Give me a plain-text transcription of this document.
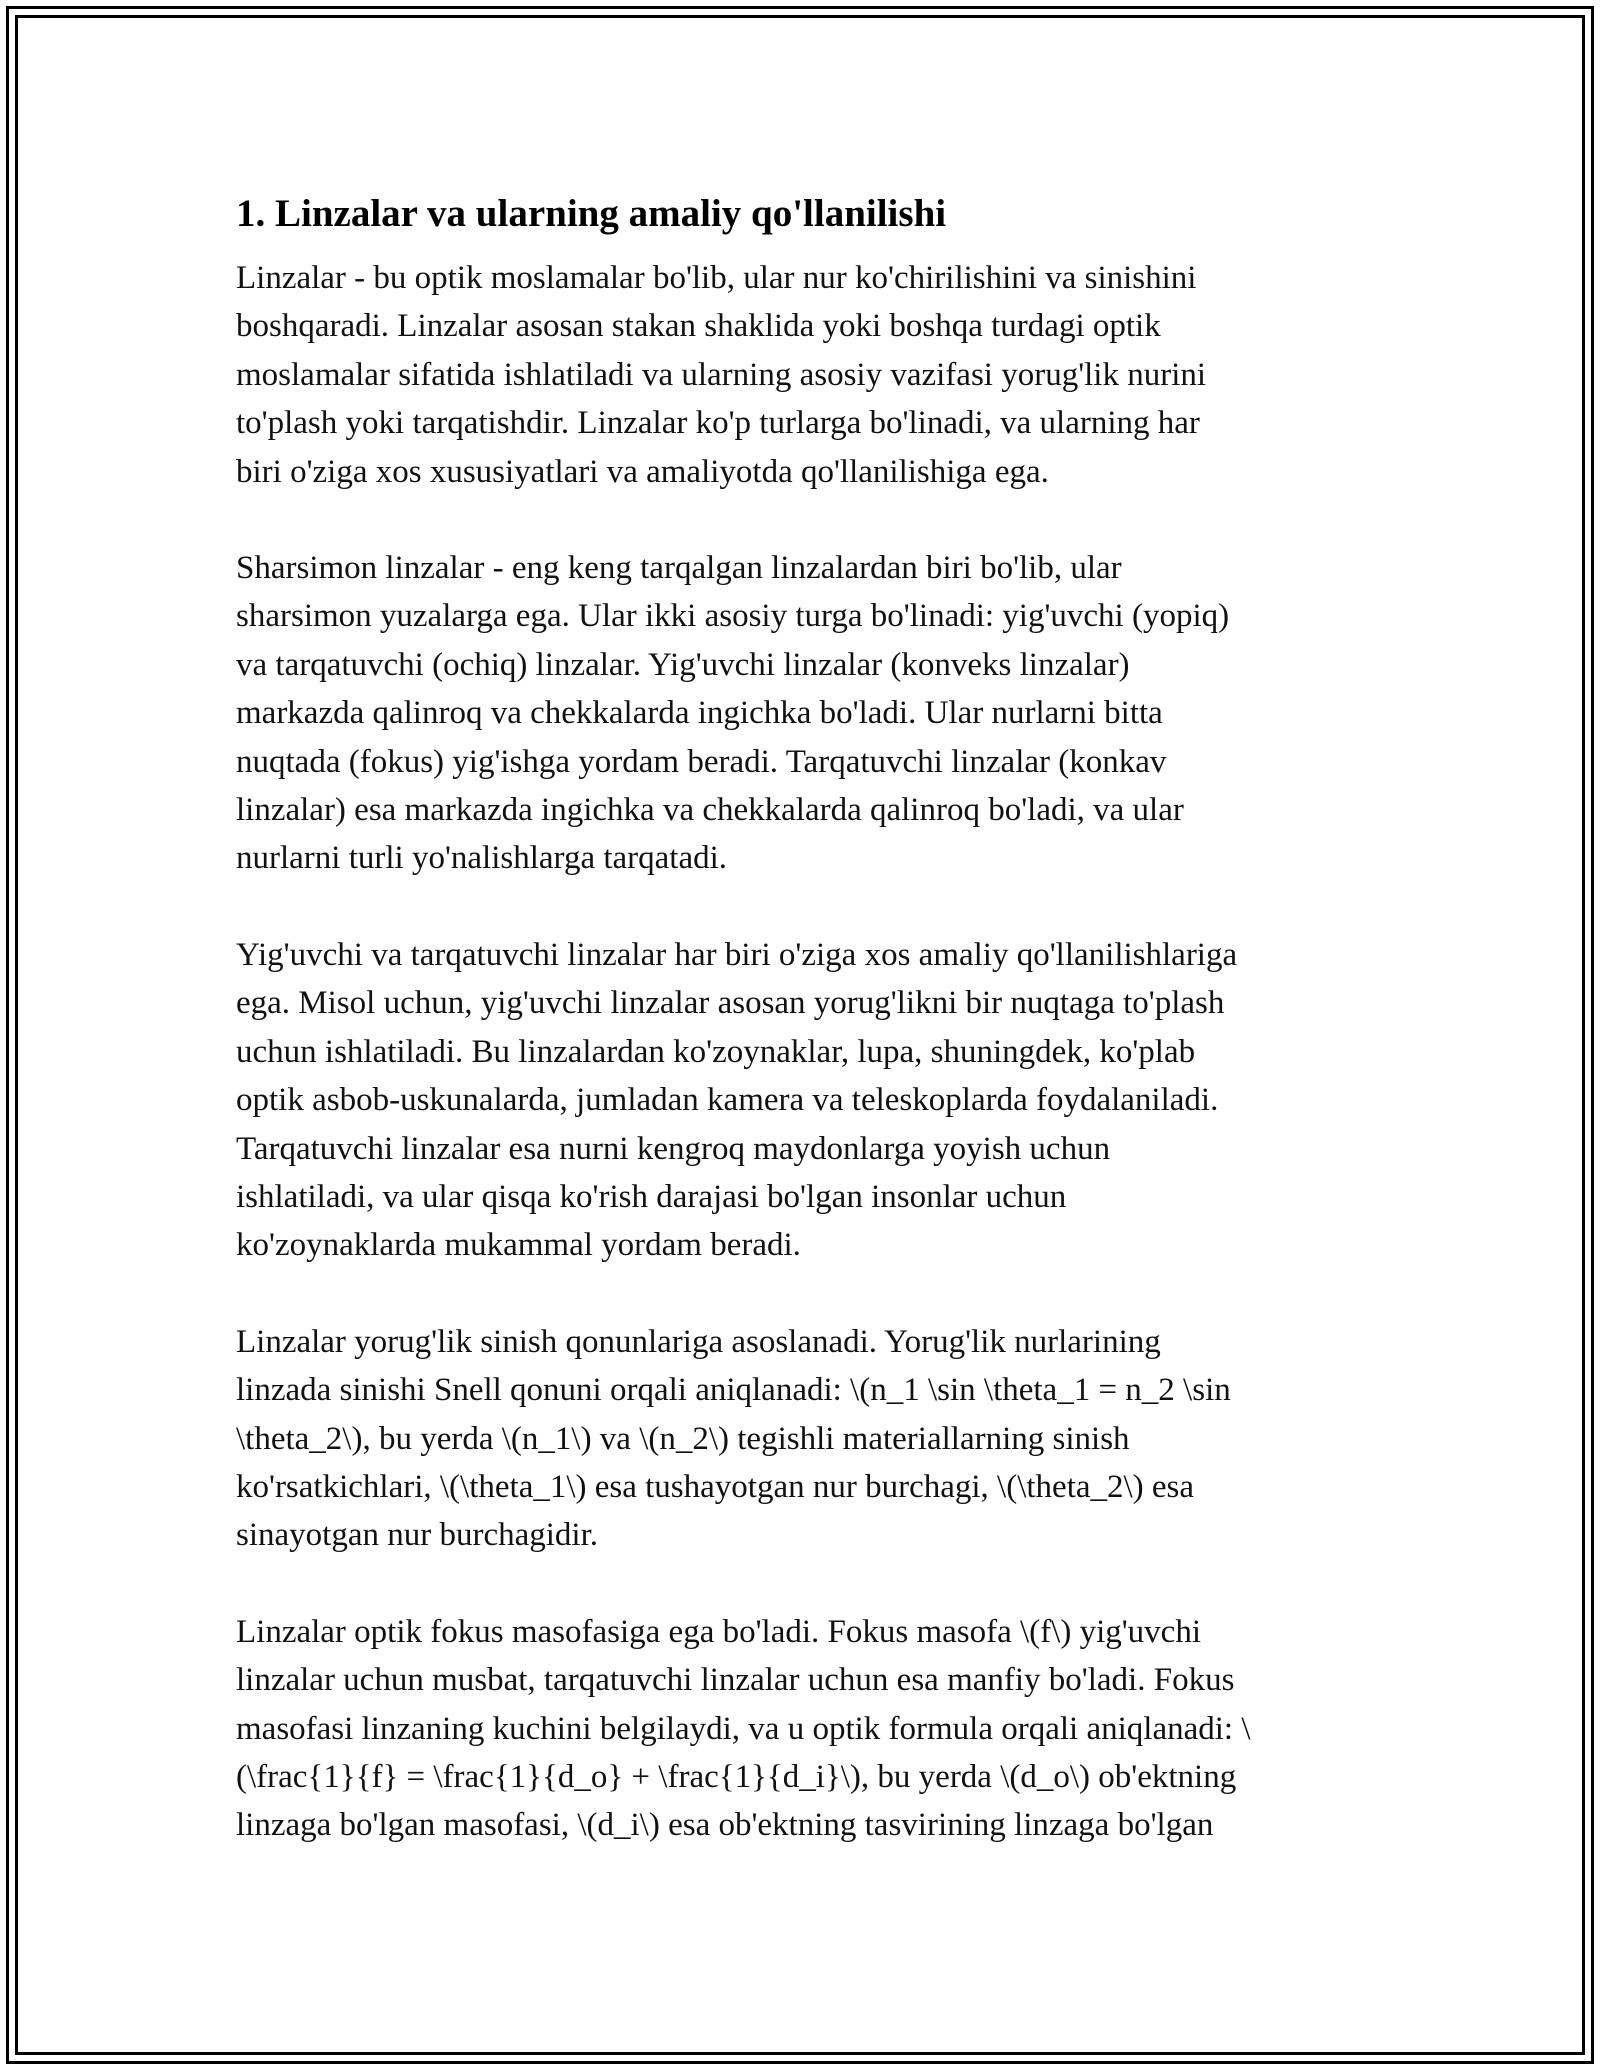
1. Linzalar va ularning amaliy qo'llanilishi

Linzalar - bu optik moslamalar bo'lib, ular nur ko'chirilishini va sinishini
boshqaradi. Linzalar asosan stakan shaklida yoki boshqa turdagi optik
moslamalar sifatida ishlatiladi va ularning asosiy vazifasi yorug'lik nurini
to'plash yoki tarqatishdir. Linzalar ko'p turlarga bo'linadi, va ularning har
biri o'ziga xos xususiyatlari va amaliyotda qo'llanilishiga ega.

Sharsimon linzalar - eng keng tarqalgan linzalardan biri bo'lib, ular
sharsimon yuzalarga ega. Ular ikki asosiy turga bo'linadi: yig'uvchi (yopiq)
va tarqatuvchi (ochiq) linzalar. Yig'uvchi linzalar (konveks linzalar)
markazda qalinroq va chekkalarda ingichka bo'ladi. Ular nurlarni bitta
nuqtada (fokus) yig'ishga yordam beradi. Tarqatuvchi linzalar (konkav
linzalar) esa markazda ingichka va chekkalarda qalinroq bo'ladi, va ular
nurlarni turli yo'nalishlarga tarqatadi.

Yig'uvchi va tarqatuvchi linzalar har biri o'ziga xos amaliy qo'llanilishlariga
ega. Misol uchun, yig'uvchi linzalar asosan yorug'likni bir nuqtaga to'plash
uchun ishlatiladi. Bu linzalardan ko'zoynaklar, lupa, shuningdek, ko'plab
optik asbob-uskunalarda, jumladan kamera va teleskoplarda foydalaniladi.
Tarqatuvchi linzalar esa nurni kengroq maydonlarga yoyish uchun
ishlatiladi, va ular qisqa ko'rish darajasi bo'lgan insonlar uchun
ko'zoynaklarda mukammal yordam beradi.

Linzalar yorug'lik sinish qonunlariga asoslanadi. Yorug'lik nurlarining
linzada sinishi Snell qonuni orqali aniqlanadi: \(n_1 \sin \theta_1 = n_2 \sin
\theta_2\), bu yerda \(n_1\) va \(n_2\) tegishli materiallarning sinish
ko'rsatkichlari, \(\theta_1\) esa tushayotgan nur burchagi, \(\theta_2\) esa
sinayotgan nur burchagidir.

Linzalar optik fokus masofasiga ega bo'ladi. Fokus masofa \(f\) yig'uvchi
linzalar uchun musbat, tarqatuvchi linzalar uchun esa manfiy bo'ladi. Fokus
masofasi linzaning kuchini belgilaydi, va u optik formula orqali aniqlanadi: \
(\frac{1}{f} = \frac{1}{d_o} + \frac{1}{d_i}\), bu yerda \(d_o\) ob'ektning
linzaga bo'lgan masofasi, \(d_i\) esa ob'ektning tasvirining linzaga bo'lgan
